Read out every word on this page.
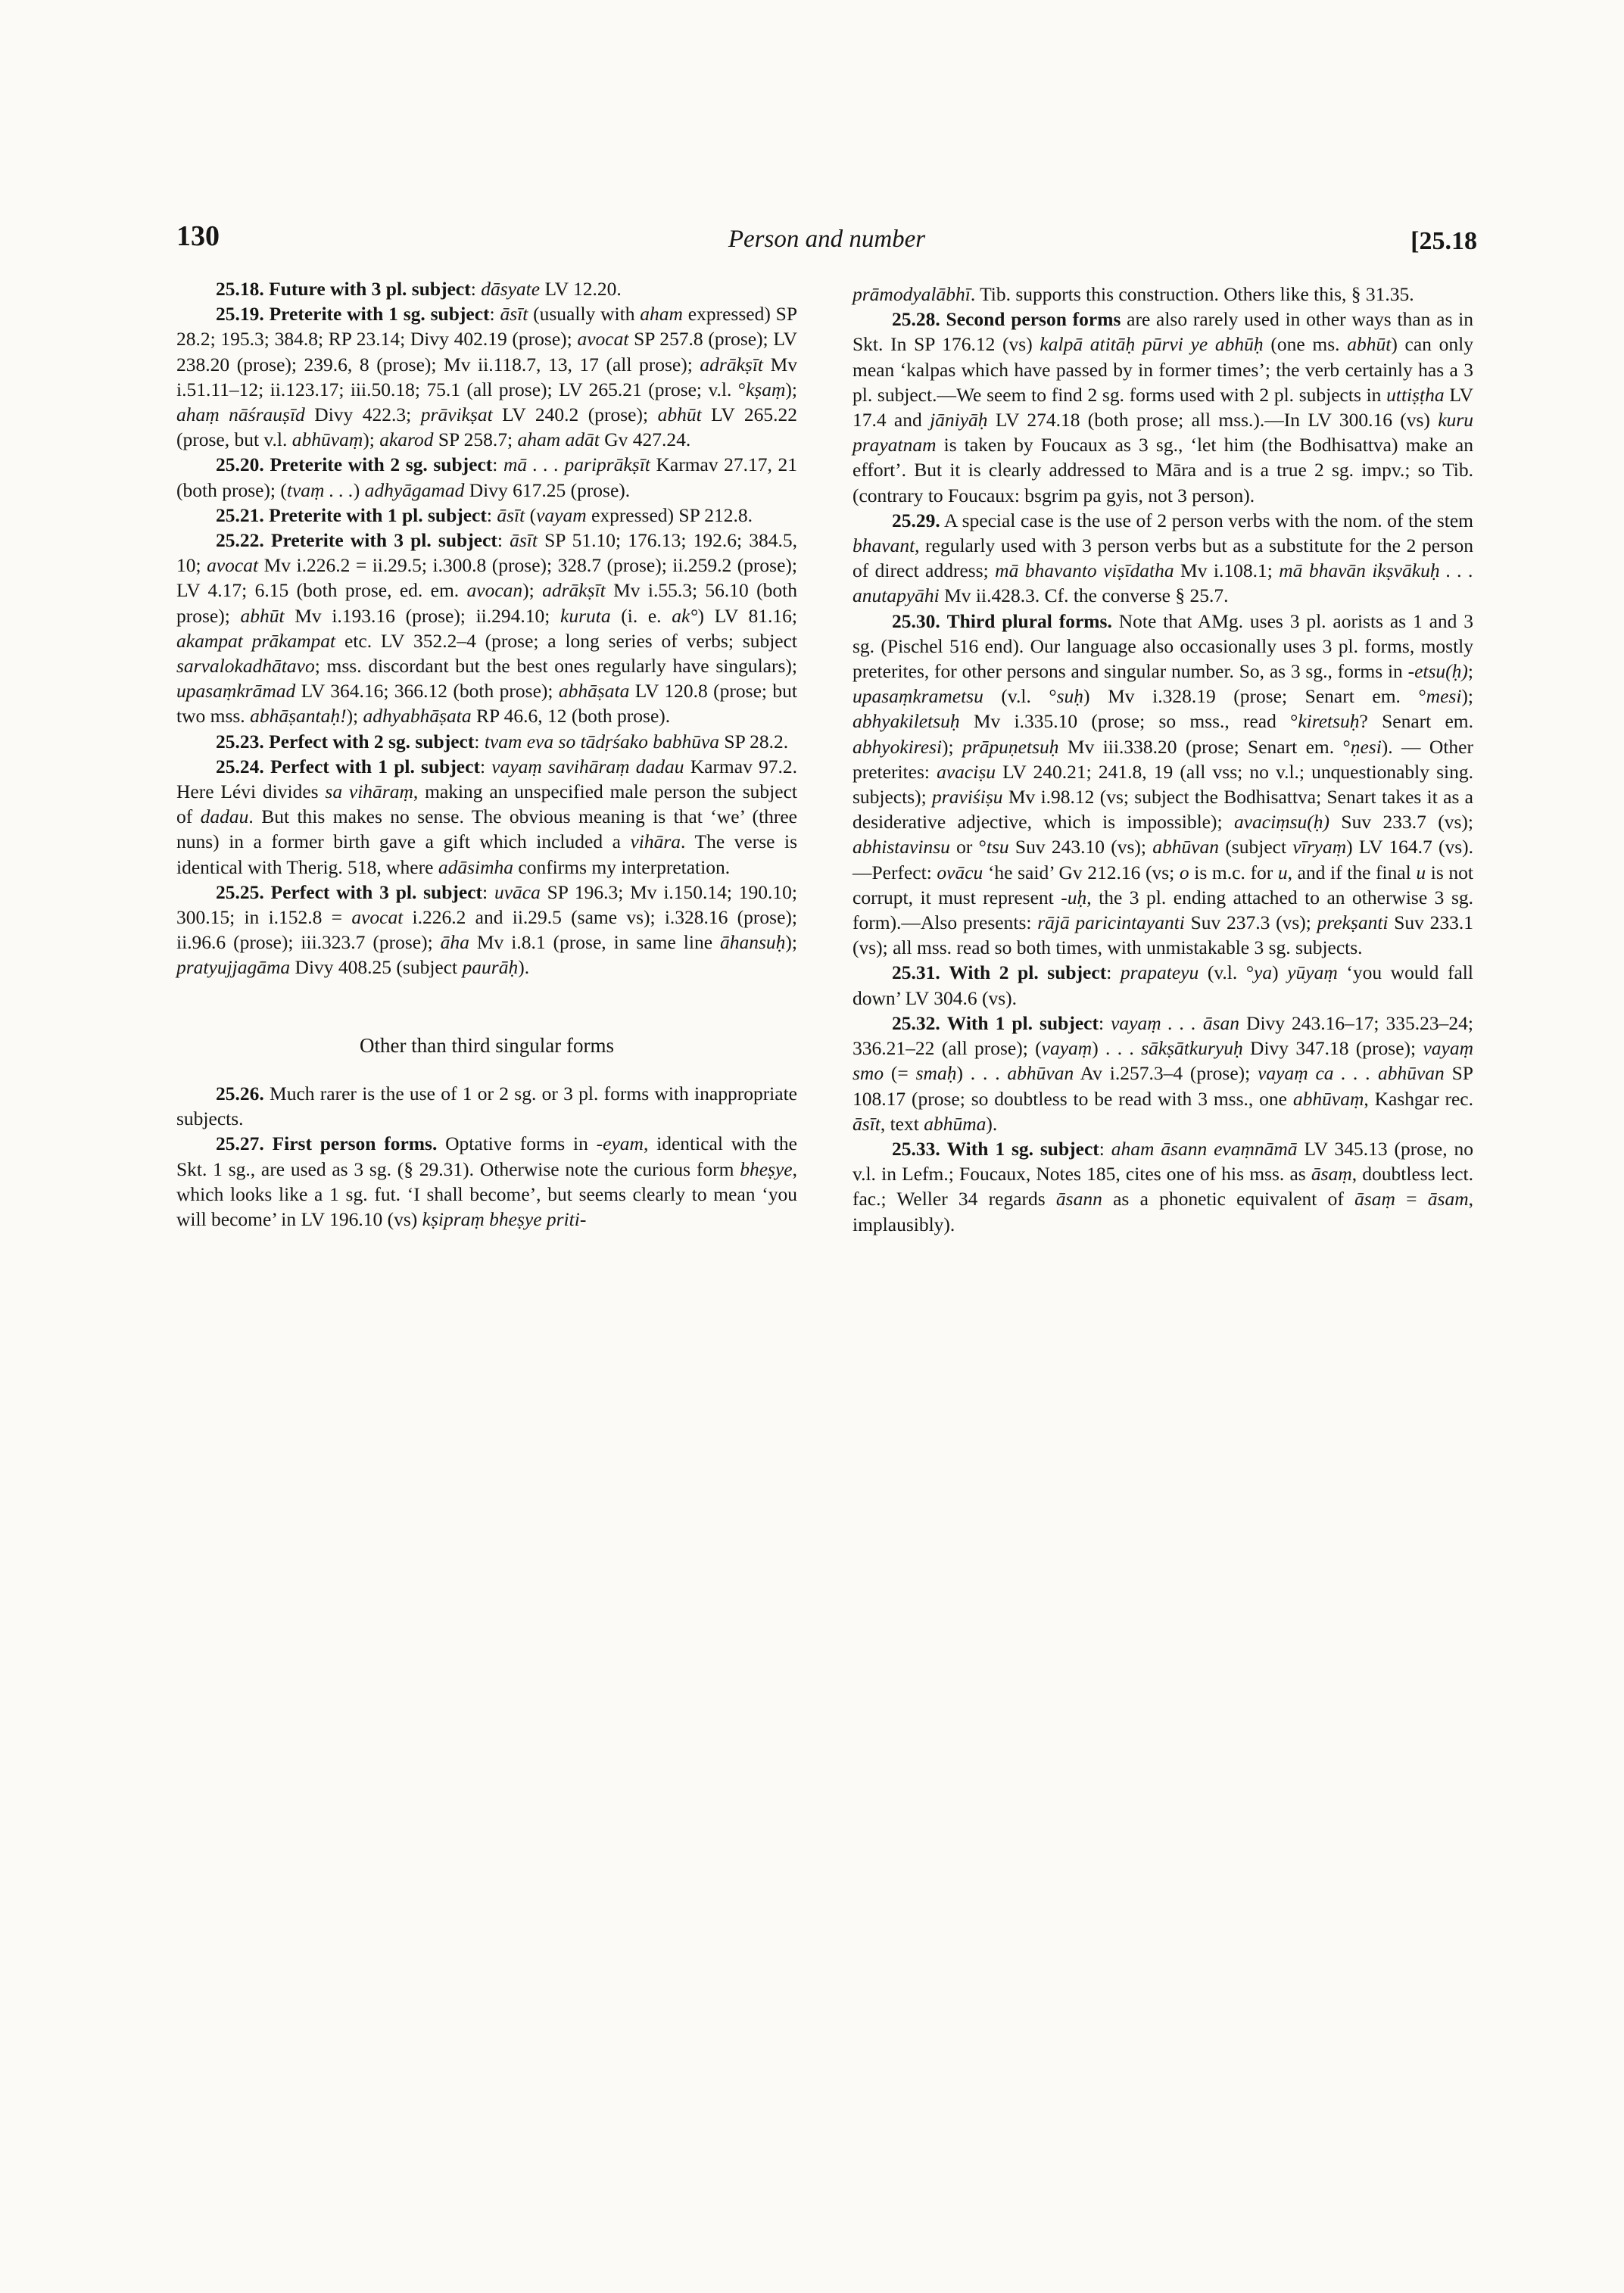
130	Person and number	[25.18

25.18. Future with 3 pl. subject: dāsyate LV 12.20.

25.19. Preterite with 1 sg. subject: āsīt (usually with aham expressed) SP 28.2; 195.3; 384.8; RP 23.14; Divy 402.19 (prose); avocat SP 257.8 (prose); LV 238.20 (prose); 239.6, 8 (prose); Mv ii.118.7, 13, 17 (all prose); adrākṣīt Mv i.51.11–12; ii.123.17; iii.50.18; 75.1 (all prose); LV 265.21 (prose; v.l. °kṣaṃ); ahaṃ nāśrauṣīd Divy 422.3; prāvikṣat LV 240.2 (prose); abhūt LV 265.22 (prose, but v.l. abhūvaṃ); akarod SP 258.7; aham adāt Gv 427.24.

25.20. Preterite with 2 sg. subject: mā . . . pariprākṣīt Karmav 27.17, 21 (both prose); (tvaṃ . . .) adhyāgamad Divy 617.25 (prose).

25.21. Preterite with 1 pl. subject: āsīt (vayam expressed) SP 212.8.

25.22. Preterite with 3 pl. subject: āsīt SP 51.10; 176.13; 192.6; 384.5, 10; avocat Mv i.226.2 = ii.29.5; i.300.8 (prose); 328.7 (prose); ii.259.2 (prose); LV 4.17; 6.15 (both prose, ed. em. avocan); adrākṣīt Mv i.55.3; 56.10 (both prose); abhūt Mv i.193.16 (prose); ii.294.10; kuruta (i. e. ak°) LV 81.16; akampat prākampat etc. LV 352.2–4 (prose; a long series of verbs; subject sarvalokadhātavo; mss. discordant but the best ones regularly have singulars); upasaṃkrāmad LV 364.16; 366.12 (both prose); abhāṣata LV 120.8 (prose; but two mss. abhāṣantaḥ!); adhyabhāṣata RP 46.6, 12 (both prose).

25.23. Perfect with 2 sg. subject: tvam eva so tādṛśako babhūva SP 28.2.

25.24. Perfect with 1 pl. subject: vayaṃ savihāraṃ dadau Karmav 97.2. Here Lévi divides sa vihāraṃ, making an unspecified male person the subject of dadau. But this makes no sense. The obvious meaning is that ‘we’ (three nuns) in a former birth gave a gift which included a vihāra. The verse is identical with Therig. 518, where adāsimha confirms my interpretation.

25.25. Perfect with 3 pl. subject: uvāca SP 196.3; Mv i.150.14; 190.10; 300.15; in i.152.8 = avocat i.226.2 and ii.29.5 (same vs); i.328.16 (prose); ii.96.6 (prose); iii.323.7 (prose); āha Mv i.8.1 (prose, in same line āhansuḥ); pratyujjagāma Divy 408.25 (subject paurāḥ).

Other than third singular forms

25.26. Much rarer is the use of 1 or 2 sg. or 3 pl. forms with inappropriate subjects.

25.27. First person forms. Optative forms in -eyam, identical with the Skt. 1 sg., are used as 3 sg. (§ 29.31). Otherwise note the curious form bheṣye, which looks like a 1 sg. fut. ‘I shall become’, but seems clearly to mean ‘you will become’ in LV 196.10 (vs) kṣipraṃ bheṣye priti-

prāmodyalābhī. Tib. supports this construction. Others like this, § 31.35.

25.28. Second person forms are also rarely used in other ways than as in Skt. In SP 176.12 (vs) kalpā atitāḥ pūrvi ye abhūḥ (one ms. abhūt) can only mean ‘kalpas which have passed by in former times’; the verb certainly has a 3 pl. subject.—We seem to find 2 sg. forms used with 2 pl. subjects in uttiṣṭha LV 17.4 and jāniyāḥ LV 274.18 (both prose; all mss.).—In LV 300.16 (vs) kuru prayatnam is taken by Foucaux as 3 sg., ‘let him (the Bodhisattva) make an effort’. But it is clearly addressed to Māra and is a true 2 sg. impv.; so Tib. (contrary to Foucaux: bsgrim pa gyis, not 3 person).

25.29. A special case is the use of 2 person verbs with the nom. of the stem bhavant, regularly used with 3 person verbs but as a substitute for the 2 person of direct address; mā bhavanto viṣīdatha Mv i.108.1; mā bhavān ikṣvākuḥ . . . anutapyāhi Mv ii.428.3. Cf. the converse § 25.7.

25.30. Third plural forms. Note that AMg. uses 3 pl. aorists as 1 and 3 sg. (Pischel 516 end). Our language also occasionally uses 3 pl. forms, mostly preterites, for other persons and singular number. So, as 3 sg., forms in -etsu(ḥ); upasaṃkrametsu (v.l. °suḥ) Mv i.328.19 (prose; Senart em. °mesi); abhyakiletsuḥ Mv i.335.10 (prose; so mss., read °kiretsuḥ? Senart em. abhyokiresi); prāpuṇetsuḥ Mv iii.338.20 (prose; Senart em. °ṇesi). — Other preterites: avaciṣu LV 240.21; 241.8, 19 (all vss; no v.l.; unquestionably sing. subjects); praviśiṣu Mv i.98.12 (vs; subject the Bodhisattva; Senart takes it as a desiderative adjective, which is impossible); avaciṃsu(ḥ) Suv 233.7 (vs); abhistavinsu or °tsu Suv 243.10 (vs); abhūvan (subject vīryaṃ) LV 164.7 (vs).—Perfect: ovācu ‘he said’ Gv 212.16 (vs; o is m.c. for u, and if the final u is not corrupt, it must represent -uḥ, the 3 pl. ending attached to an otherwise 3 sg. form).—Also presents: rājā paricintayanti Suv 237.3 (vs); prekṣanti Suv 233.1 (vs); all mss. read so both times, with unmistakable 3 sg. subjects.

25.31. With 2 pl. subject: prapateyu (v.l. °ya) yūyaṃ ‘you would fall down’ LV 304.6 (vs).

25.32. With 1 pl. subject: vayaṃ . . . āsan Divy 243.16–17; 335.23–24; 336.21–22 (all prose); (vayaṃ) . . . sākṣātkuryuḥ Divy 347.18 (prose); vayaṃ smo (= smaḥ) . . . abhūvan Av i.257.3–4 (prose); vayaṃ ca . . . abhūvan SP 108.17 (prose; so doubtless to be read with 3 mss., one abhūvaṃ, Kashgar rec. āsīt, text abhūma).

25.33. With 1 sg. subject: aham āsann evaṃnāmā LV 345.13 (prose, no v.l. in Lefm.; Foucaux, Notes 185, cites one of his mss. as āsaṃ, doubtless lect. fac.; Weller 34 regards āsann as a phonetic equivalent of āsaṃ = āsam, implausibly).
